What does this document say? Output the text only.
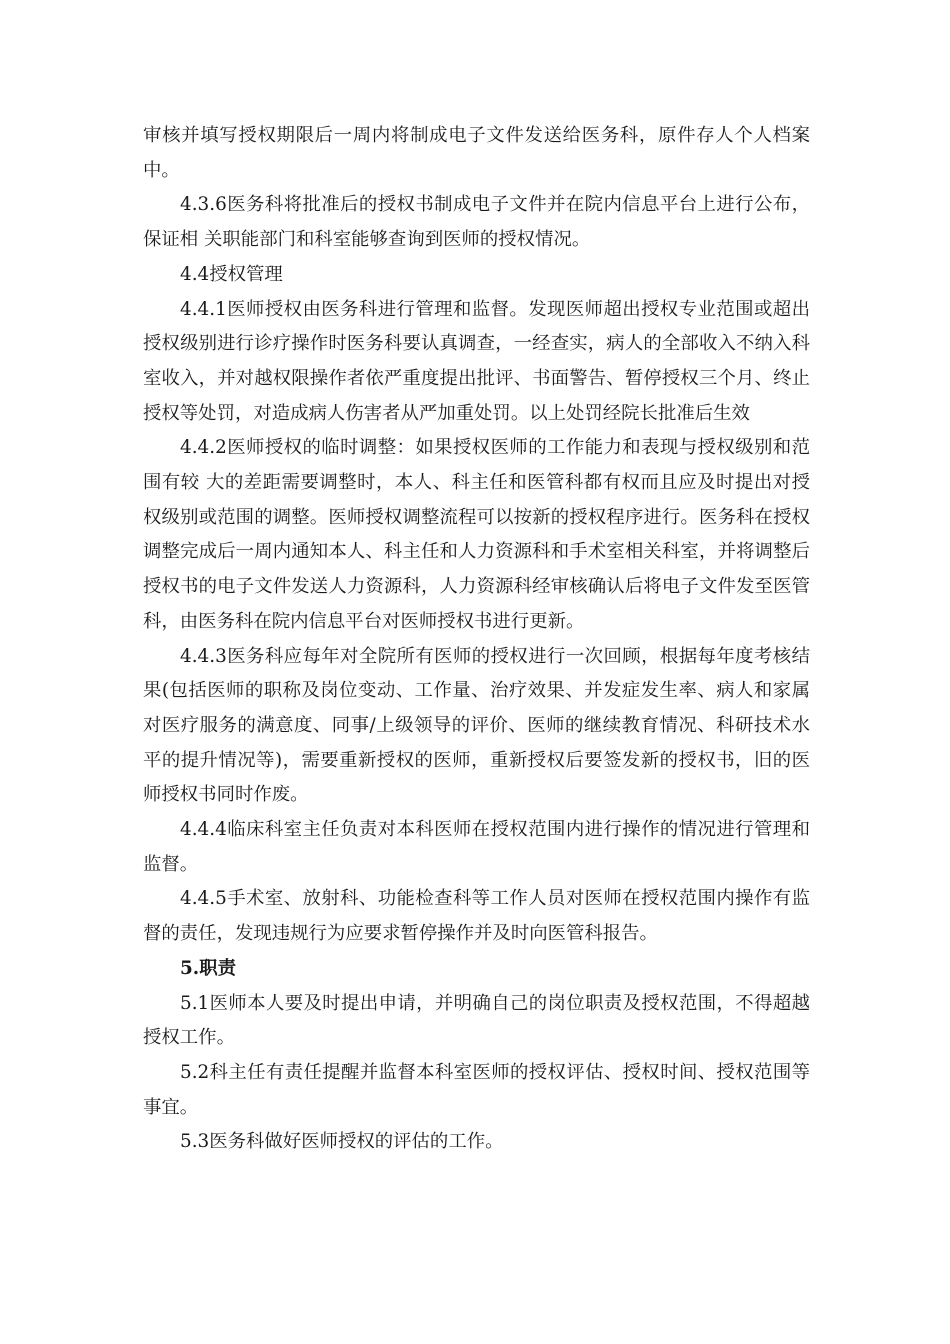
审核并填写授权期限后一周内将制成电子文件发送给医务科，原件存人个人档案中。

4.3.6医务科将批准后的授权书制成电子文件并在院内信息平台上进行公布，保证相 关职能部门和科室能够查询到医师的授权情况。

4.4授权管理

4.4.1医师授权由医务科进行管理和监督。发现医师超出授权专业范围或超出授权级别进行诊疗操作时医务科要认真调查，一经查实，病人的全部收入不纳入科室收入，并对越权限操作者依严重度提出批评、书面警告、暂停授权三个月、终止授权等处罚，对造成病人伤害者从严加重处罚。以上处罚经院长批准后生效

4.4.2医师授权的临时调整：如果授权医师的工作能力和表现与授权级别和范围有较 大的差距需要调整时，本人、科主任和医管科都有权而且应及时提出对授权级别或范围的调整。医师授权调整流程可以按新的授权程序进行。医务科在授权调整完成后一周内通知本人、科主任和人力资源科和手术室相关科室，并将调整后授权书的电子文件发送人力资源科，人力资源科经审核确认后将电子文件发至医管科，由医务科在院内信息平台对医师授权书进行更新。

4.4.3医务科应每年对全院所有医师的授权进行一次回顾，根据每年度考核结果(包括医师的职称及岗位变动、工作量、治疗效果、并发症发生率、病人和家属对医疗服务的满意度、同事/上级领导的评价、医师的继续教育情况、科研技术水平的提升情况等)，需要重新授权的医师，重新授权后要签发新的授权书，旧的医师授权书同时作废。

4.4.4临床科室主任负责对本科医师在授权范围内进行操作的情况进行管理和监督。

4.4.5手术室、放射科、功能检查科等工作人员对医师在授权范围内操作有监督的责任，发现违规行为应要求暂停操作并及时向医管科报告。

5.职责

5.1医师本人要及时提出申请，并明确自己的岗位职责及授权范围，不得超越授权工作。

5.2科主任有责任提醒并监督本科室医师的授权评估、授权时间、授权范围等事宜。

5.3医务科做好医师授权的评估的工作。
